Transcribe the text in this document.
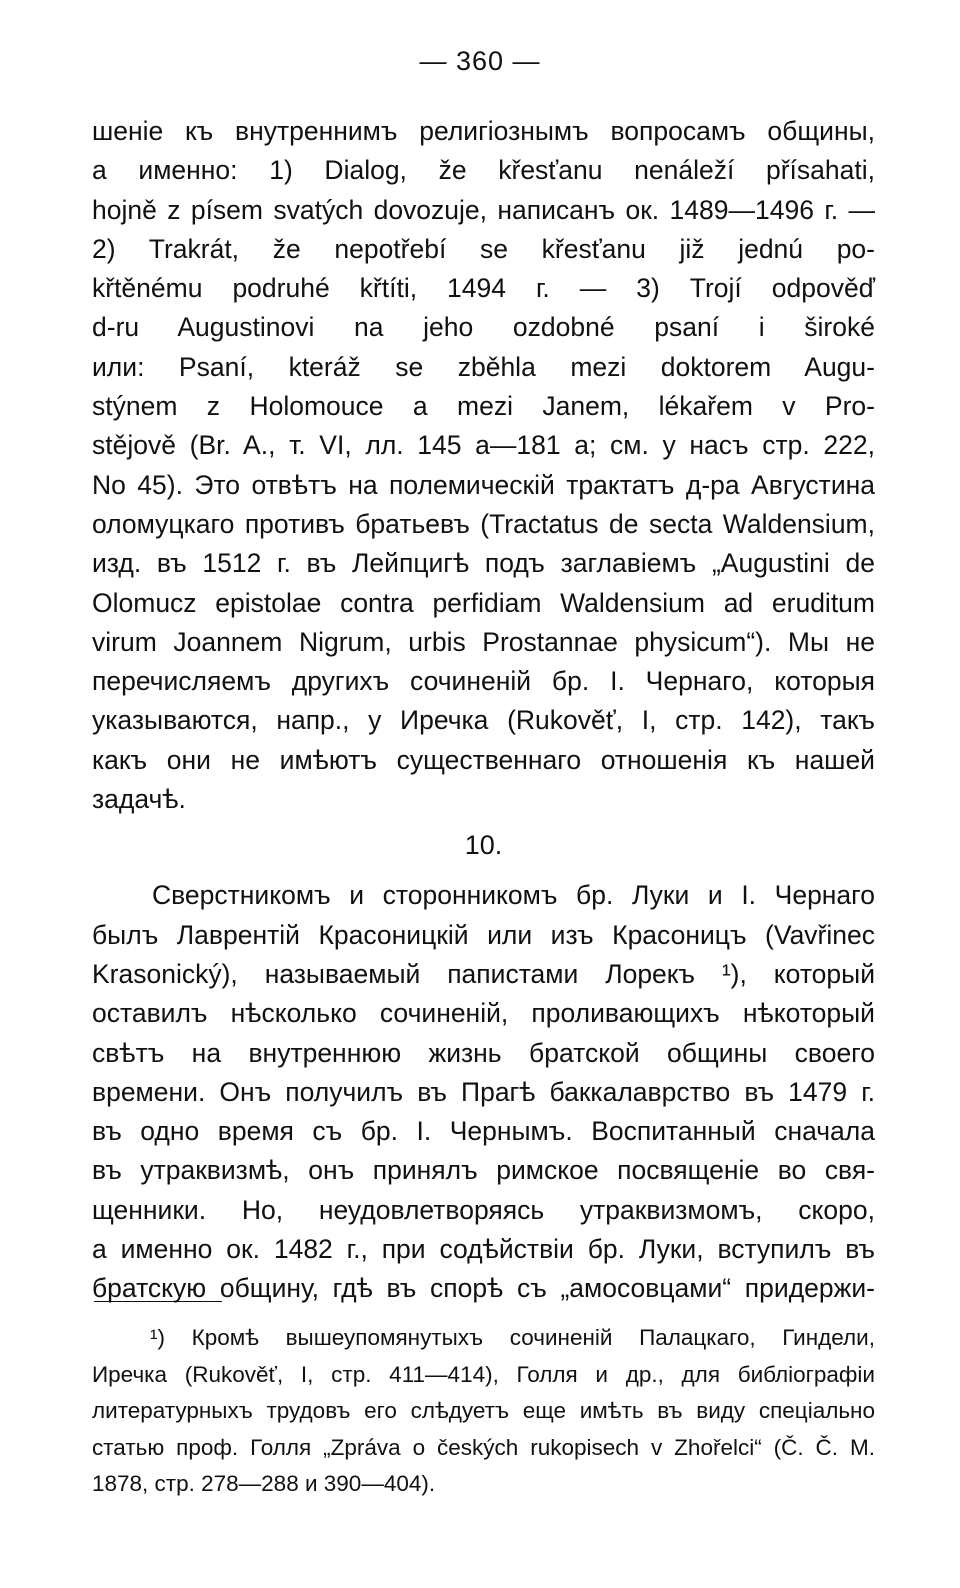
— 360 —
шеніе къ внутреннимъ религіознымъ вопросамъ общины,
а именно: 1) Dialog, že křesťanu nenáleží přísahati,
hojně z písem svatých dovozuje, написанъ ок. 1489—1496 г. —
2) Trakrát, že nepotřebí se křesťanu již jednú po-
křtěnému podruhé křtíti, 1494 г. — 3) Trojí odpověď
d-ru Augustinovi na jeho ozdobné psaní i široké
или: Psaní, kteráž se zběhla mezi doktorem Augu-
stýnem z Holomouce a mezi Janem, lékařem v Pro-
stějově (Br. A., т. VI, лл. 145 а—181 а; см. у насъ стр. 222,
No 45). Это отвѣтъ на полемическій трактатъ д-ра Августина
оломуцкаго противъ братьевъ (Tractatus de secta Waldensium,
изд. въ 1512 г. въ Лейпцигѣ подъ заглавіемъ „Augustini de
Olomucz epistolae contra perfidiam Waldensium ad eruditum
virum Joannem Nigrum, urbis Prostannae physicum“). Мы не
перечисляемъ другихъ сочиненій бр. I. Чернаго, которыя
указываются, напр., у Иречка (Rukověť, I, стр. 142), такъ
какъ они не имѣютъ существеннаго отношенія къ нашей
задачѣ.
10.
Сверстникомъ и сторонникомъ бр. Луки и I. Чернаго
былъ Лаврентій Красоницкій или изъ Красоницъ (Vavřinec
Krasonický), называемый папистами Лорекъ ¹), который
оставилъ нѣсколько сочиненій, проливающихъ нѣкоторый
свѣтъ на внутреннюю жизнь братской общины своего
времени. Онъ получилъ въ Прагѣ баккалаврство въ 1479 г.
въ одно время съ бр. I. Чернымъ. Воспитанный сначала
въ утраквизмѣ, онъ принялъ римское посвященіе во свя-
щенники. Но, неудовлетворяясь утраквизмомъ, скоро,
а именно ок. 1482 г., при содѣйствіи бр. Луки, вступилъ въ
братскую общину, гдѣ въ спорѣ съ „амосовцами“ придержи-
¹) Кромѣ вышеупомянутыхъ сочиненій Палацкаго, Гиндели,
Иречка (Rukověť, I, стр. 411—414), Голля и др., для библіографіи
литературныхъ трудовъ его слѣдуетъ еще имѣть въ виду спеціально
статью проф. Голля „Zpráva o českých rukopisech v Zhořelci“ (Č. Č. M.
1878, стр. 278—288 и 390—404).
